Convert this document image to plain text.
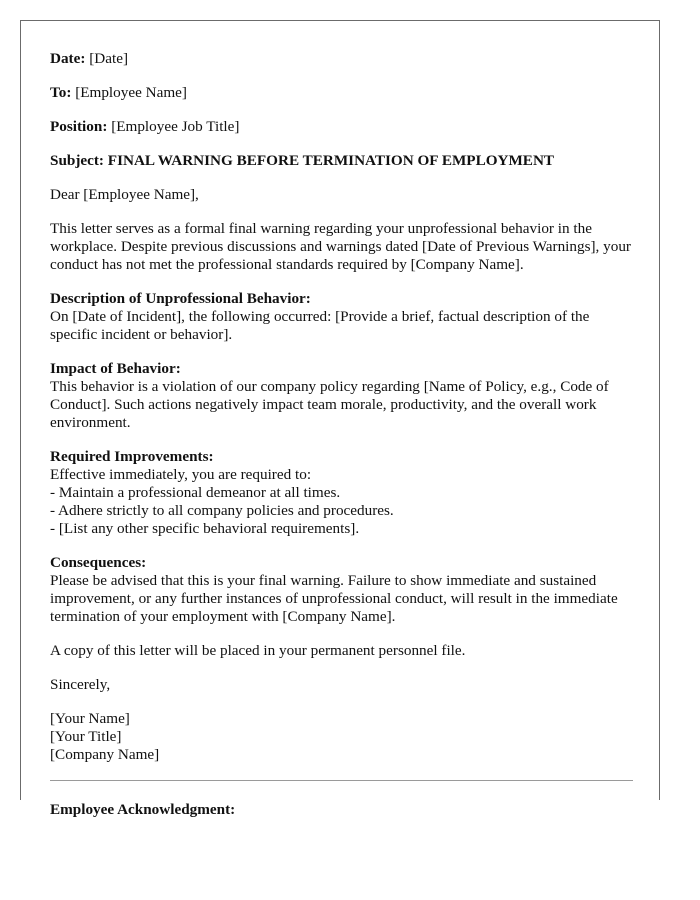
Date: [Date]

To: [Employee Name]

Position: [Employee Job Title]

Subject: FINAL WARNING BEFORE TERMINATION OF EMPLOYMENT

Dear [Employee Name],

This letter serves as a formal final warning regarding your unprofessional behavior in the workplace. Despite previous discussions and warnings dated [Date of Previous Warnings], your conduct has not met the professional standards required by [Company Name].

Description of Unprofessional Behavior:
On [Date of Incident], the following occurred: [Provide a brief, factual description of the specific incident or behavior].
Impact of Behavior:
This behavior is a violation of our company policy regarding [Name of Policy, e.g., Code of Conduct]. Such actions negatively impact team morale, productivity, and the overall work environment.
Required Improvements:
Effective immediately, you are required to:
- Maintain a professional demeanor at all times.
- Adhere strictly to all company policies and procedures.
- [List any other specific behavioral requirements].
Consequences:
Please be advised that this is your final warning. Failure to show immediate and sustained improvement, or any further instances of unprofessional conduct, will result in the immediate termination of your employment with [Company Name].

A copy of this letter will be placed in your permanent personnel file.

Sincerely,

[Your Name]
[Your Title]
[Company Name]
Employee Acknowledgment:
